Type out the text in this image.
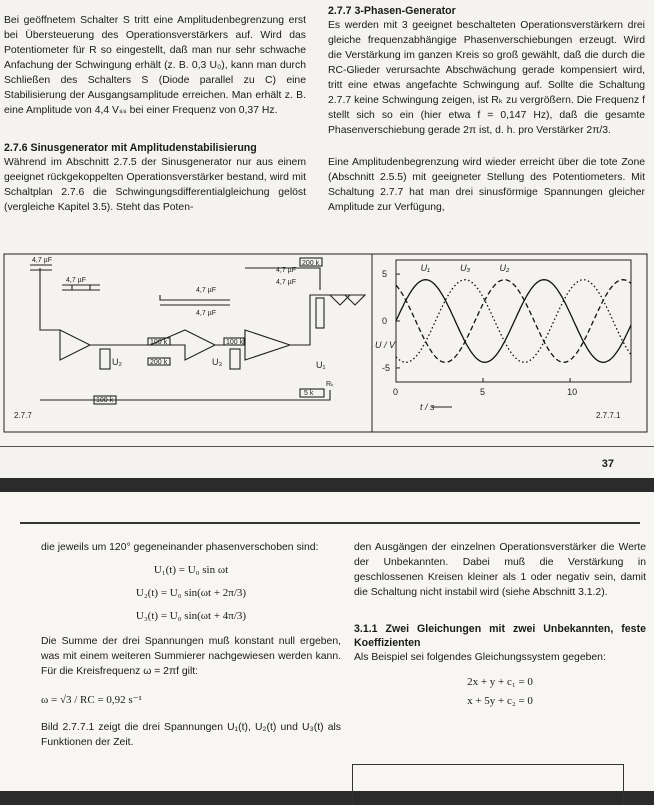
Bei geöffnetem Schalter S tritt eine Amplitudenbegrenzung erst bei Übersteuerung des Operationsverstärkers auf. Wird das Potentiometer für R so eingestellt, daß man nur sehr schwache Anfachung der Schwingung erhält (z. B. 0,3 U₀), kann man durch Schließen des Schalters S (Diode parallel zu C) eine Stabilisierung der Ausgangsamplitude erreichen. Man erhält z. B. eine Amplitude von 4,4 Vₛₛ bei einer Frequenz von 0,37 Hz.

2.7.6 Sinusgenerator mit Amplitudenstabilisierung

Während im Abschnitt 2.7.5 der Sinusgenerator nur aus einem geeignet rückgekoppelten Operationsverstärker bestand, wird mit Schaltplan 2.7.6 die Schwingungsdifferentialgleichung gelöst (vergleiche Kapitel 3.5). Steht das Poten-

2.7.7 3-Phasen-Generator

Es werden mit 3 geeignet beschalteten Operationsverstärkern drei gleiche frequenzabhängige Phasenverschiebungen erzeugt. Wird die Verstärkung im ganzen Kreis so groß gewählt, daß die durch die RC-Glieder verursachte Abschwächung gerade kompensiert wird, tritt eine etwas angefachte Schwingung auf. Sollte die Schaltung 2.7.7 keine Schwingung zeigen, ist Rₖ zu vergrößern. Die Frequenz f stellt sich so ein (hier etwa f = 0,147 Hz), daß die gesamte Phasenverschiebung gerade 2π ist, d. h. pro Verstärker 2π/3.

Eine Amplitudenbegrenzung wird wieder erreicht über die tote Zone (Abschnitt 2.5.5) mit geeigneter Stellung des Potentiometers. Mit Schaltung 2.7.7 hat man drei sinusförmige Spannungen gleicher Amplitude zur Verfügung,

4,7 µF
4,7 µF
4,7 µF
4,7 µF
4,7 µF
4,7 µF
100 k
200 k
100 k
100 k
200 k
5 k
Rₖ
U₂	U₃	U₁
2.7.7
5
0
-5
0	5	10
U₁	U₂
U₃
U / V
t / s
2.7.7.1
37

die jeweils um 120° gegeneinander phasenverschoben sind:

U₁(t) = U₀ sin ωt
U₂(t) = U₀ sin(ωt + 2π/3)
U₃(t) = U₀ sin(ωt + 4π/3)

Die Summe der drei Spannungen muß konstant null ergeben, was mit einem weiteren Summierer nachgewiesen werden kann. Für die Kreisfrequenz ω = 2πf gilt:

ω = √3 / RC = 0,92 s⁻¹

Bild 2.7.7.1 zeigt die drei Spannungen U₁(t), U₂(t) und U₃(t) als Funktionen der Zeit.

den Ausgängen der einzelnen Operationsverstärker die Werte der Unbekannten. Dabei muß die Verstärkung in geschlossenen Kreisen kleiner als 1 oder negativ sein, damit die Schaltung nicht instabil wird (siehe Abschnitt 3.1.2).

3.1.1 Zwei Gleichungen mit zwei Unbekannten, feste Koeffizienten

Als Beispiel sei folgendes Gleichungssystem gegeben:

2x + y + c₁ = 0
x + 5y + c₂ = 0
